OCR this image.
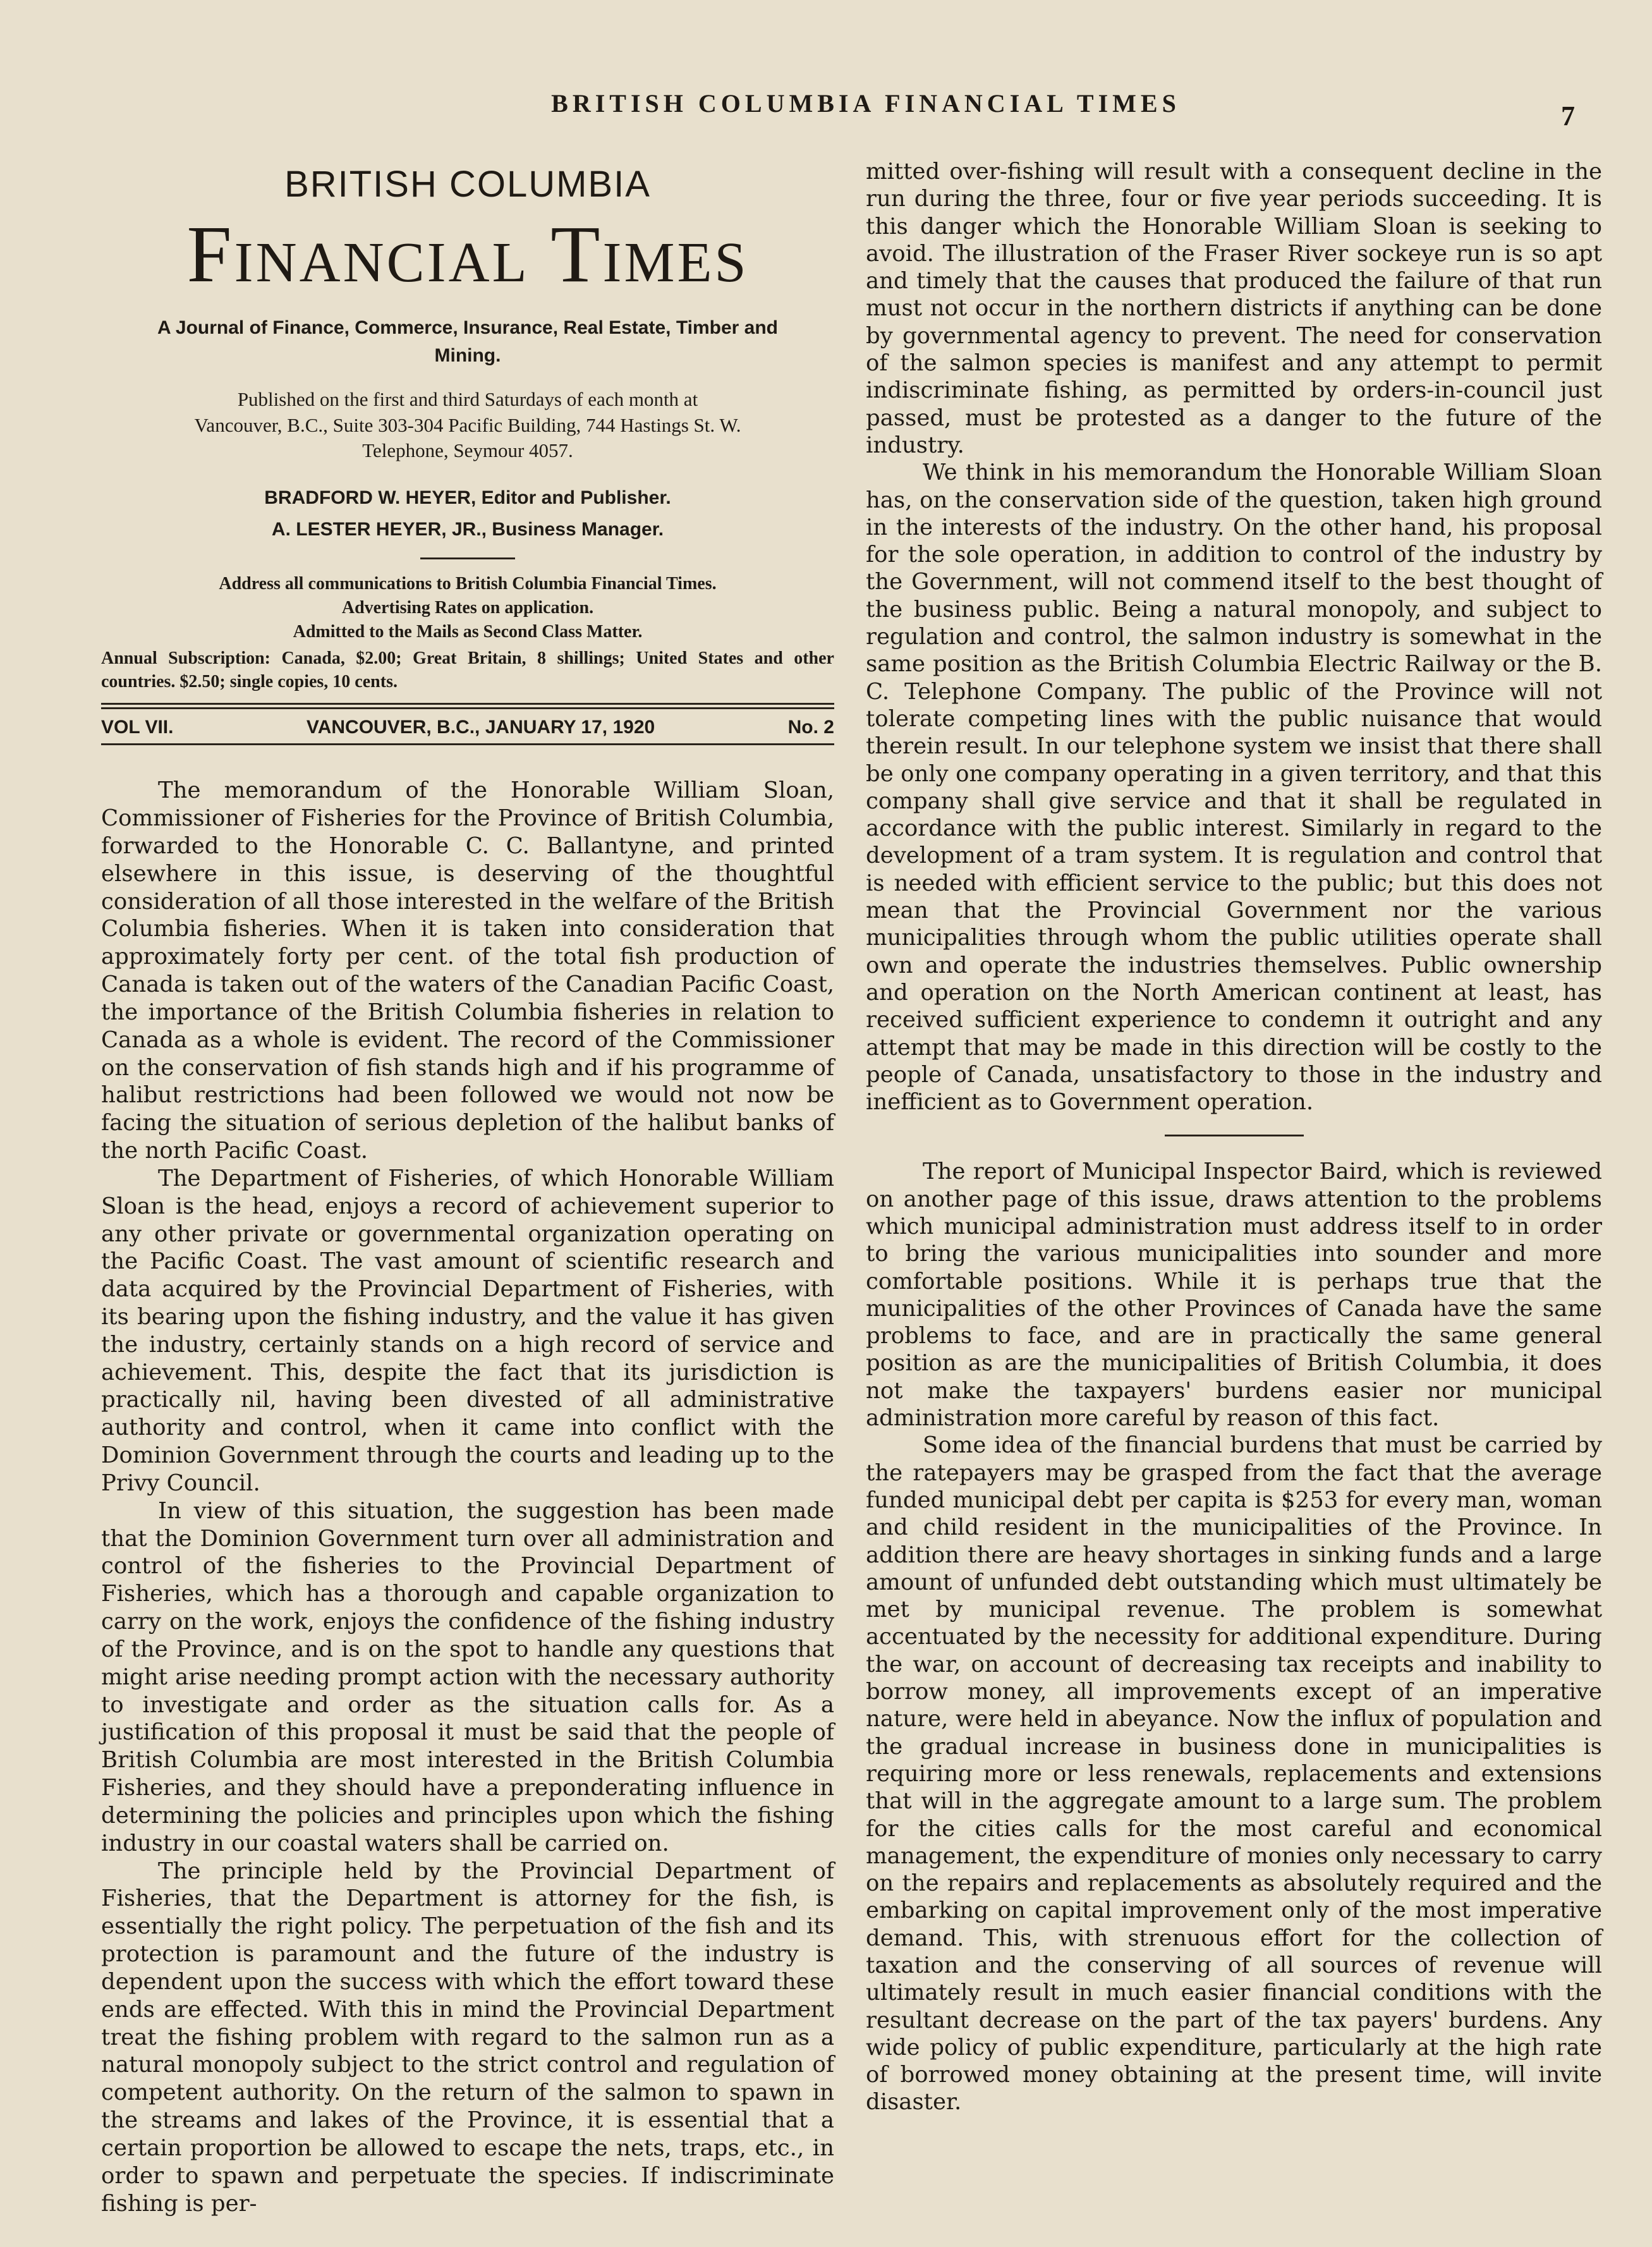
BRITISH COLUMBIA FINANCIAL TIMES	7
BRITISH COLUMBIA
Financial Times
A Journal of Finance, Commerce, Insurance, Real Estate, Timber and Mining.
Published on the first and third Saturdays of each month at
Vancouver, B.C., Suite 303-304 Pacific Building, 744 Hastings St. W.
Telephone, Seymour 4057.
BRADFORD W. HEYER, Editor and Publisher.
A. LESTER HEYER, JR., Business Manager.
Address all communications to British Columbia Financial Times.
Advertising Rates on application.
Admitted to the Mails as Second Class Matter.
Annual Subscription: Canada, $2.00; Great Britain, 8 shillings; United States and other countries. $2.50; single copies, 10 cents.
VOL VII.	VANCOUVER, B.C., JANUARY 17, 1920	No. 2

The memorandum of the Honorable William Sloan, Commissioner of Fisheries for the Province of British Columbia, forwarded to the Honorable C. C. Ballantyne, and printed elsewhere in this issue, is deserving of the thoughtful consideration of all those interested in the welfare of the British Columbia fisheries. When it is taken into consideration that approximately forty per cent. of the total fish production of Canada is taken out of the waters of the Canadian Pacific Coast, the importance of the British Columbia fisheries in relation to Canada as a whole is evident. The record of the Commissioner on the conservation of fish stands high and if his programme of halibut restrictions had been followed we would not now be facing the situation of serious depletion of the halibut banks of the north Pacific Coast.

The Department of Fisheries, of which Honorable William Sloan is the head, enjoys a record of achievement superior to any other private or governmental organization operating on the Pacific Coast. The vast amount of scientific research and data acquired by the Provincial Department of Fisheries, with its bearing upon the fishing industry, and the value it has given the industry, certainly stands on a high record of service and achievement. This, despite the fact that its jurisdiction is practically nil, having been divested of all administrative authority and control, when it came into conflict with the Dominion Government through the courts and leading up to the Privy Council.

In view of this situation, the suggestion has been made that the Dominion Government turn over all administration and control of the fisheries to the Provincial Department of Fisheries, which has a thorough and capable organization to carry on the work, enjoys the confidence of the fishing industry of the Province, and is on the spot to handle any questions that might arise needing prompt action with the necessary authority to investigate and order as the situation calls for. As a justification of this proposal it must be said that the people of British Columbia are most interested in the British Columbia Fisheries, and they should have a preponderating influence in determining the policies and principles upon which the fishing industry in our coastal waters shall be carried on.

The principle held by the Provincial Department of Fisheries, that the Department is attorney for the fish, is essentially the right policy. The perpetuation of the fish and its protection is paramount and the future of the industry is dependent upon the success with which the effort toward these ends are effected. With this in mind the Provincial Department treat the fishing problem with regard to the salmon run as a natural monopoly subject to the strict control and regulation of competent authority. On the return of the salmon to spawn in the streams and lakes of the Province, it is essential that a certain proportion be allowed to escape the nets, traps, etc., in order to spawn and perpetuate the species. If indiscriminate fishing is per-

mitted over-fishing will result with a consequent decline in the run during the three, four or five year periods succeeding. It is this danger which the Honorable William Sloan is seeking to avoid. The illustration of the Fraser River sockeye run is so apt and timely that the causes that produced the failure of that run must not occur in the northern districts if anything can be done by governmental agency to prevent. The need for conservation of the salmon species is manifest and any attempt to permit indiscriminate fishing, as permitted by orders-in-council just passed, must be protested as a danger to the future of the industry.

We think in his memorandum the Honorable William Sloan has, on the conservation side of the question, taken high ground in the interests of the industry. On the other hand, his proposal for the sole operation, in addition to control of the industry by the Government, will not commend itself to the best thought of the business public. Being a natural monopoly, and subject to regulation and control, the salmon industry is somewhat in the same position as the British Columbia Electric Railway or the B. C. Telephone Company. The public of the Province will not tolerate competing lines with the public nuisance that would therein result. In our telephone system we insist that there shall be only one company operating in a given territory, and that this company shall give service and that it shall be regulated in accordance with the public interest. Similarly in regard to the development of a tram system. It is regulation and control that is needed with efficient service to the public; but this does not mean that the Provincial Government nor the various municipalities through whom the public utilities operate shall own and operate the industries themselves. Public ownership and operation on the North American continent at least, has received sufficient experience to condemn it outright and any attempt that may be made in this direction will be costly to the people of Canada, unsatisfactory to those in the industry and inefficient as to Government operation.

The report of Municipal Inspector Baird, which is reviewed on another page of this issue, draws attention to the problems which municipal administration must address itself to in order to bring the various municipalities into sounder and more comfortable positions. While it is perhaps true that the municipalities of the other Provinces of Canada have the same problems to face, and are in practically the same general position as are the municipalities of British Columbia, it does not make the taxpayers' burdens easier nor municipal administration more careful by reason of this fact.

Some idea of the financial burdens that must be carried by the ratepayers may be grasped from the fact that the average funded municipal debt per capita is $253 for every man, woman and child resident in the municipalities of the Province. In addition there are heavy shortages in sinking funds and a large amount of unfunded debt outstanding which must ultimately be met by municipal revenue. The problem is somewhat accentuated by the necessity for additional expenditure. During the war, on account of decreasing tax receipts and inability to borrow money, all improvements except of an imperative nature, were held in abeyance. Now the influx of population and the gradual increase in business done in municipalities is requiring more or less renewals, replacements and extensions that will in the aggregate amount to a large sum. The problem for the cities calls for the most careful and economical management, the expenditure of monies only necessary to carry on the repairs and replacements as absolutely required and the embarking on capital improvement only of the most imperative demand. This, with strenuous effort for the collection of taxation and the conserving of all sources of revenue will ultimately result in much easier financial conditions with the resultant decrease on the part of the tax payers' burdens. Any wide policy of public expenditure, particularly at the high rate of borrowed money obtaining at the present time, will invite disaster.
